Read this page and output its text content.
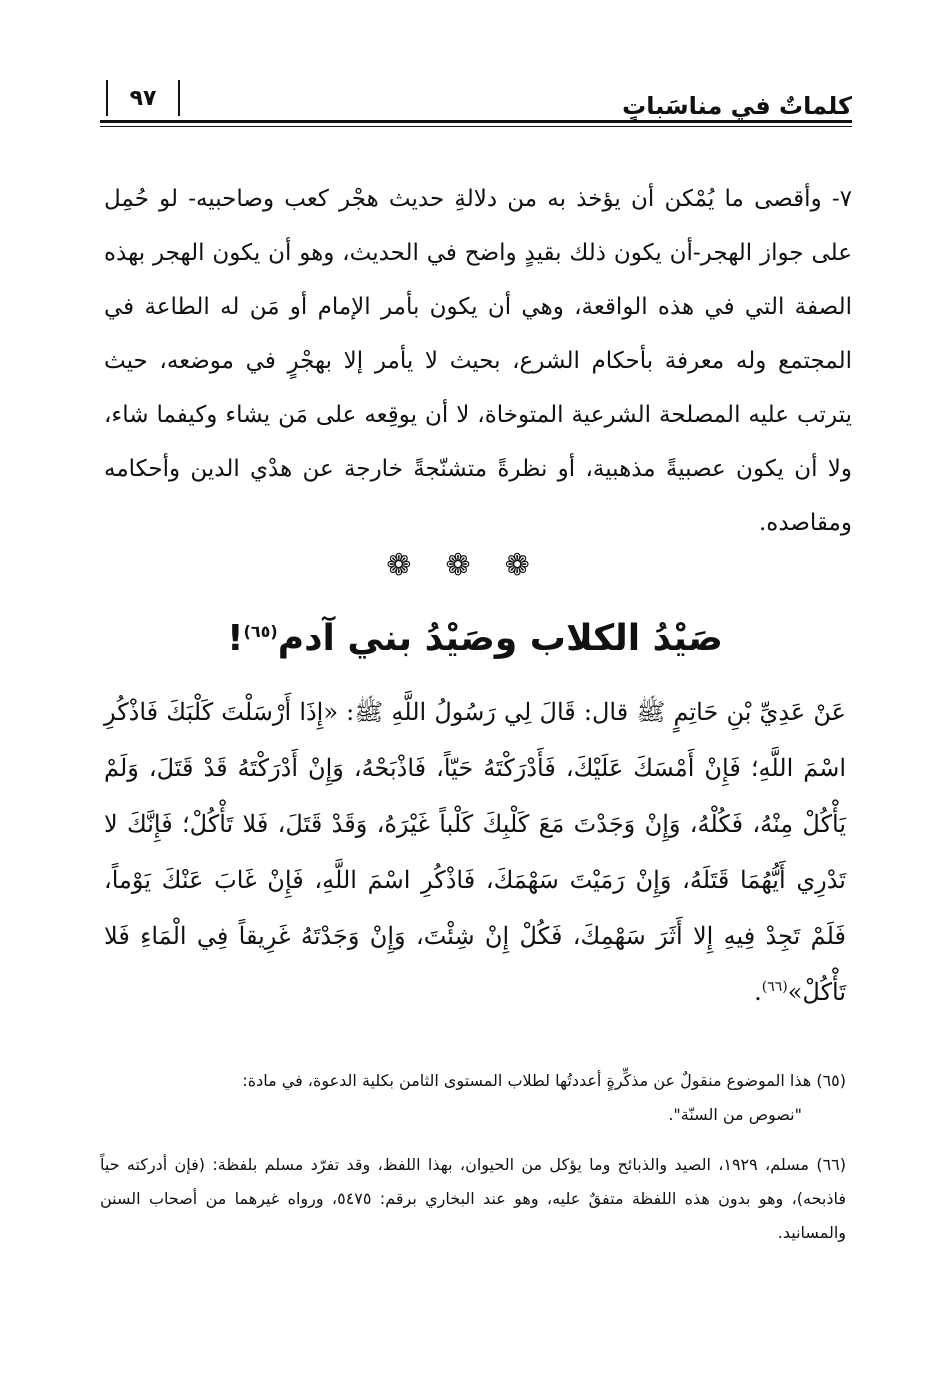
كلماتٌ في مناسَباتٍ
٩٧
٧- وأقصى ما يُمْكن أن يؤخذ به من دلالةِ حديث هجْر كعب وصاحبيه- لو حُمِل على جواز الهجر-أن يكون ذلك بقيدٍ واضح في الحديث، وهو أن يكون الهجر بهذه الصفة التي في هذه الواقعة، وهي أن يكون بأمر الإمام أو مَن له الطاعة في المجتمع وله معرفة بأحكام الشرع، بحيث لا يأمر إلا بهجْرٍ في موضعه، حيث يترتب عليه المصلحة الشرعية المتوخاة، لا أن يوقِعه على مَن يشاء وكيفما شاء، ولا أن يكون عصبيةً مذهبية، أو نظرةً متشنّجةً خارجة عن هدْي الدين وأحكامه ومقاصده.
❁❁❁
صَيْدُ الكلاب وصَيْدُ بني آدم$^{(٦٥)}$!
عَنْ عَدِيِّ بْنِ حَاتِمٍ ﷺ قال: قَالَ لِي رَسُولُ اللَّهِ ﷺ: «إِذَا أَرْسَلْتَ كَلْبَكَ فَاذْكُرِ اسْمَ اللَّهِ؛ فَإِنْ أَمْسَكَ عَلَيْكَ، فَأَدْرَكْتَهُ حَيّاً، فَاذْبَحْهُ، وَإِنْ أَدْرَكْتَهُ قَدْ قَتَلَ، وَلَمْ يَأْكُلْ مِنْهُ، فَكُلْهُ، وَإِنْ وَجَدْتَ مَعَ كَلْبِكَ كَلْباً غَيْرَهُ، وَقَدْ قَتَلَ، فَلا تَأْكُلْ؛ فَإِنَّكَ لا تَدْرِي أَيُّهُمَا قَتَلَهُ، وَإِنْ رَمَيْتَ سَهْمَكَ، فَاذْكُرِ اسْمَ اللَّهِ، فَإِنْ غَابَ عَنْكَ يَوْماً، فَلَمْ تَجِدْ فِيهِ إِلا أَثَرَ سَهْمِكَ، فَكُلْ إِنْ شِئْتَ، وَإِنْ وَجَدْتَهُ غَرِيقاً فِي الْمَاءِ فَلا تَأْكُلْ»$^{(٦٦)}$.
(٦٥) هذا الموضوع منقولٌ عن مذكِّرةٍ أعددتُها لطلاب المستوى الثامن بكلية الدعوة، في مادة:
"نصوص من السنّة".
(٦٦) مسلم، ١٩٢٩، الصيد والذبائح وما يؤكل من الحيوان، بهذا اللفظ، وقد تفرّد مسلم بلفظة: (فإن أدركته حياً فاذبحه)، وهو بدون هذه اللفظة متفقٌ عليه، وهو عند البخاري برقم: ٥٤٧٥، ورواه غيرهما من أصحاب السنن والمسانيد.
